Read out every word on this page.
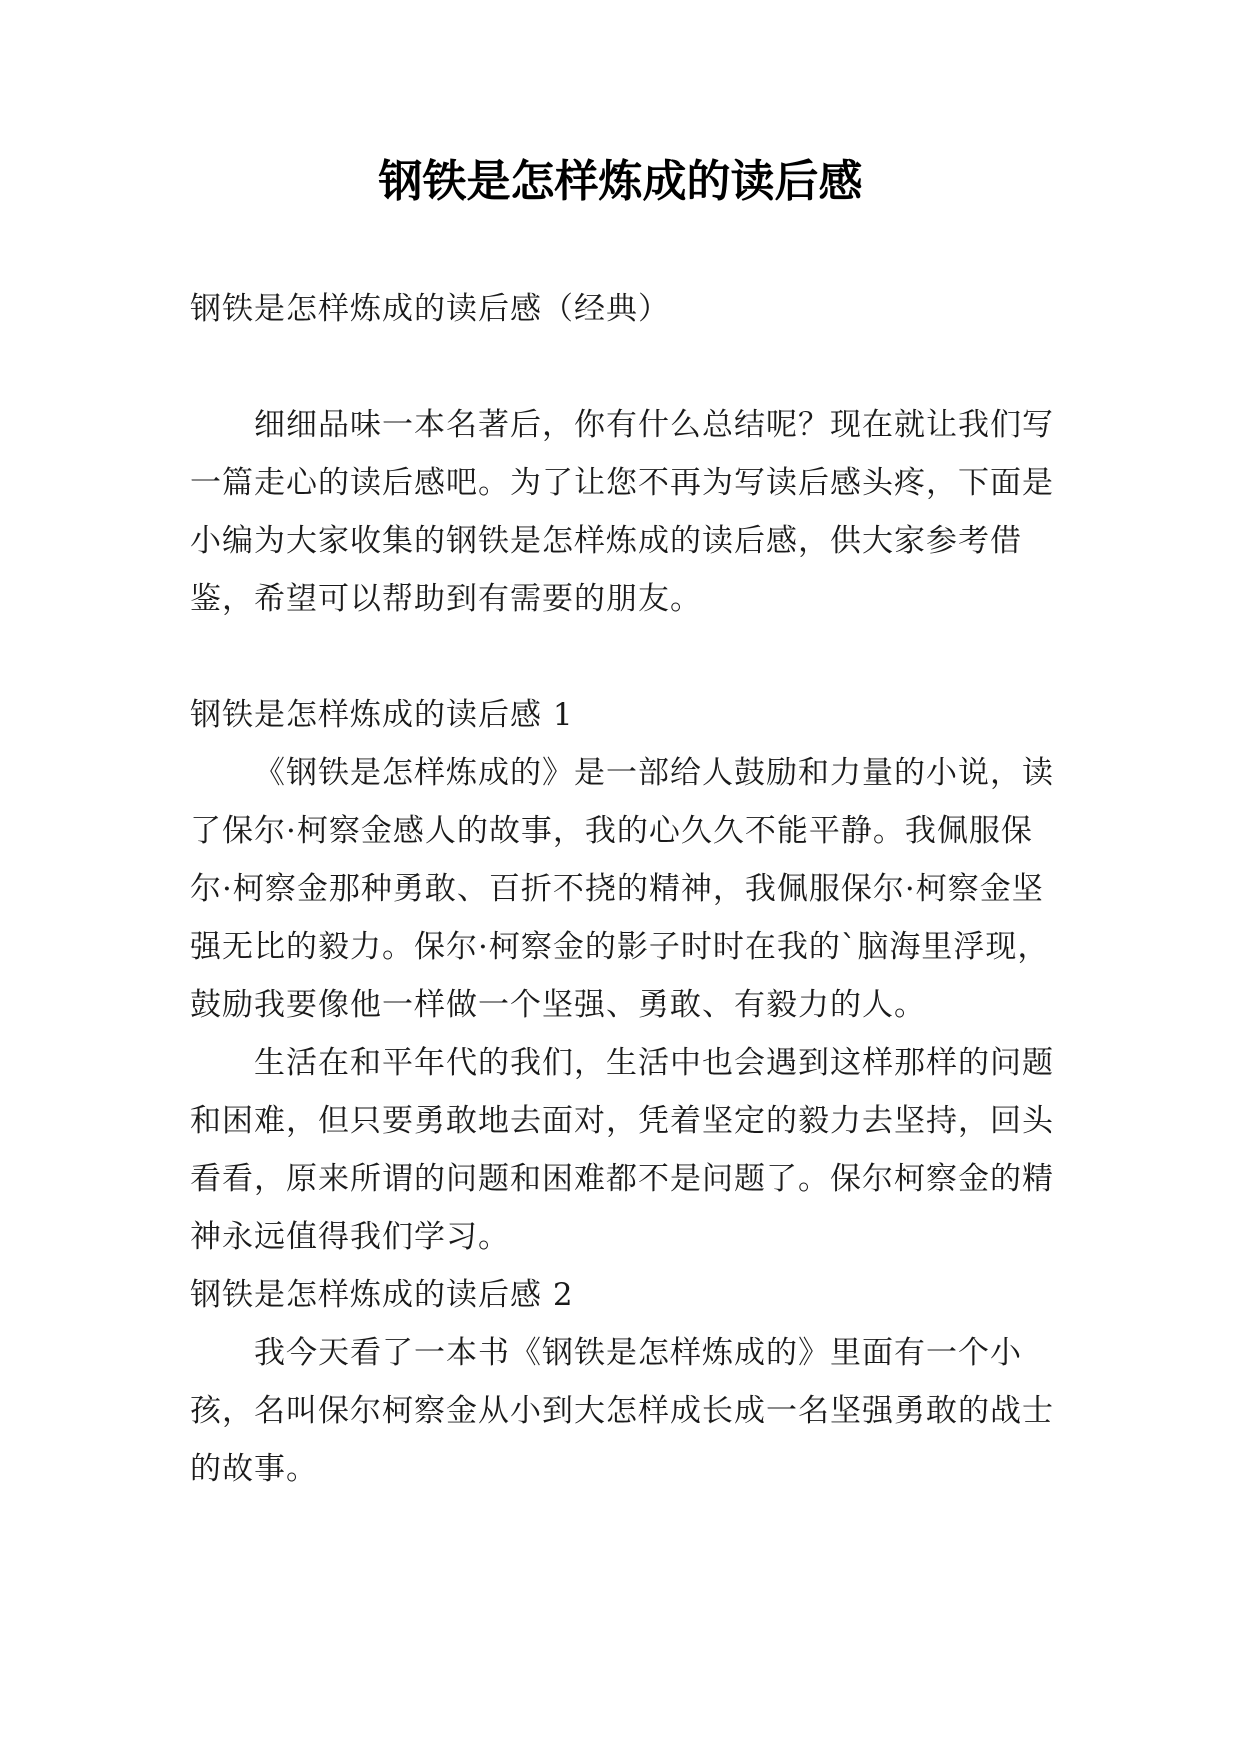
钢铁是怎样炼成的读后感

钢铁是怎样炼成的读后感（经典）

细细品味一本名著后，你有什么总结呢？现在就让我们写一篇走心的读后感吧。为了让您不再为写读后感头疼，下面是小编为大家收集的钢铁是怎样炼成的读后感，供大家参考借鉴，希望可以帮助到有需要的朋友。

钢铁是怎样炼成的读后感 1

《钢铁是怎样炼成的》是一部给人鼓励和力量的小说，读了保尔·柯察金感人的故事，我的心久久不能平静。我佩服保尔·柯察金那种勇敢、百折不挠的精神，我佩服保尔·柯察金坚强无比的毅力。保尔·柯察金的影子时时在我的`脑海里浮现，鼓励我要像他一样做一个坚强、勇敢、有毅力的人。

生活在和平年代的我们，生活中也会遇到这样那样的问题和困难，但只要勇敢地去面对，凭着坚定的毅力去坚持，回头看看，原来所谓的问题和困难都不是问题了。保尔柯察金的精神永远值得我们学习。

钢铁是怎样炼成的读后感 2

我今天看了一本书《钢铁是怎样炼成的》里面有一个小孩，名叫保尔柯察金从小到大怎样成长成一名坚强勇敢的战士的故事。
